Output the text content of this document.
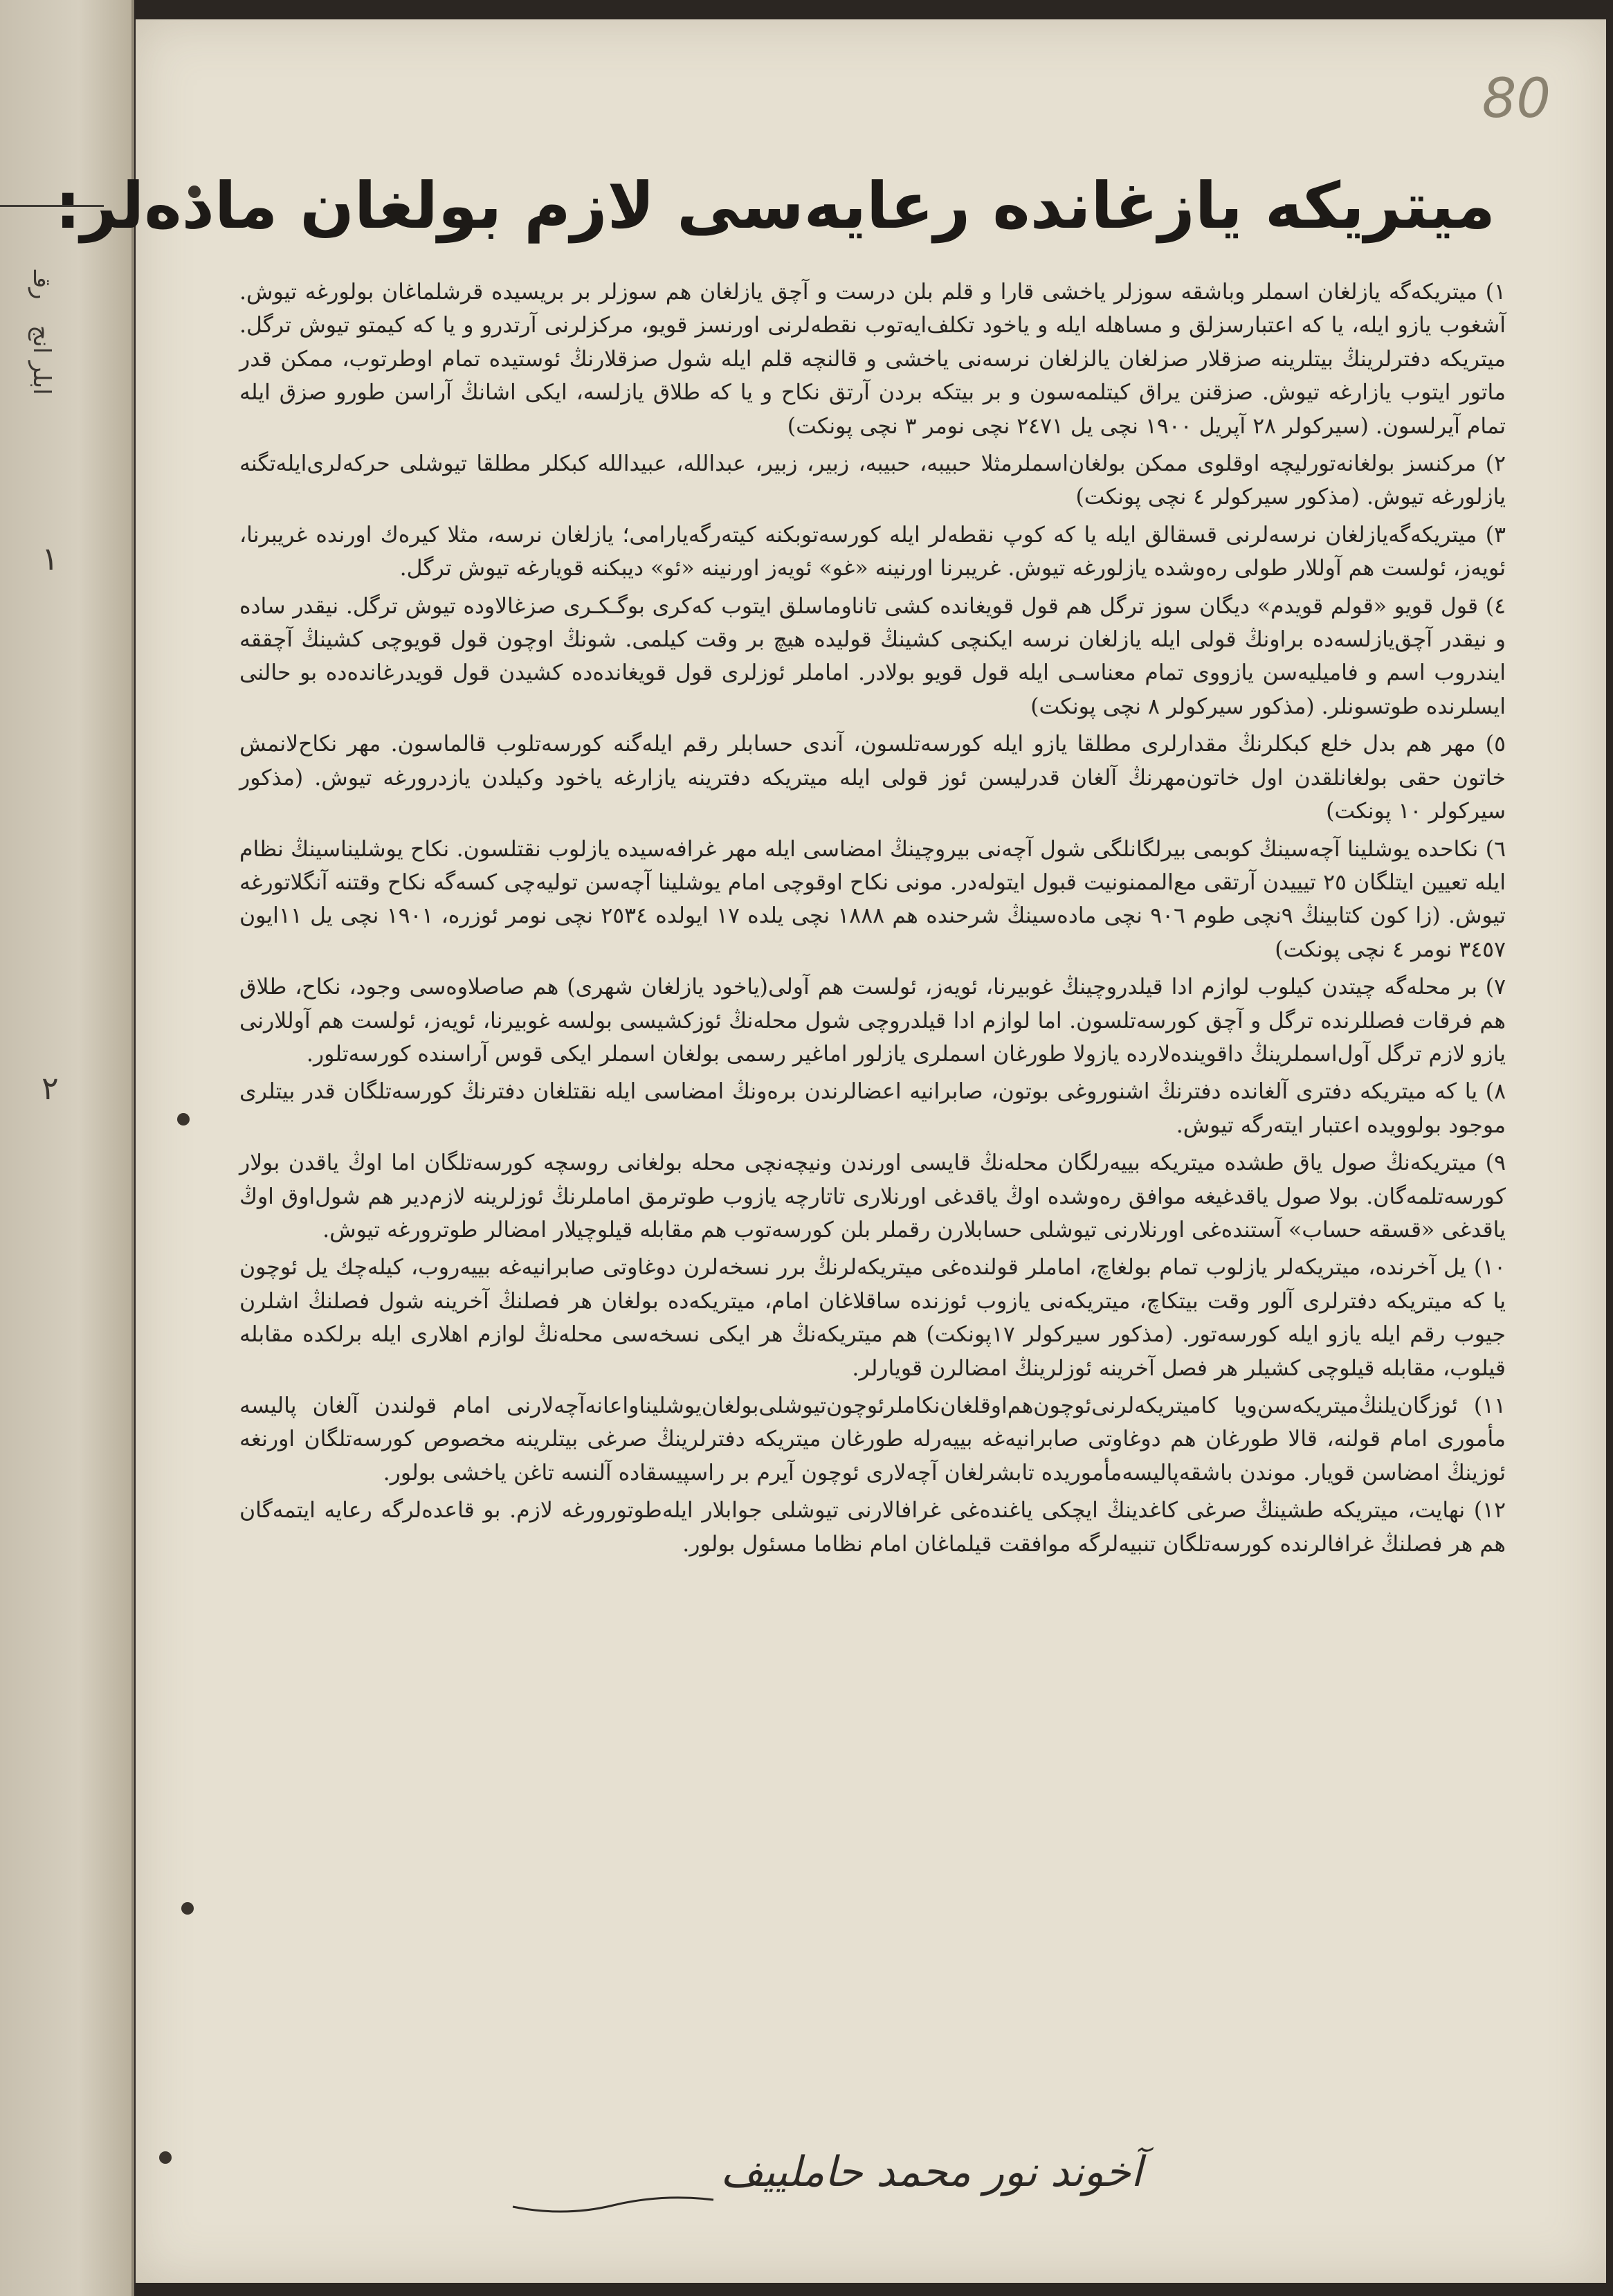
رقـ
ابلر انج
١
٢
80
میتریکه یازغانده رعایه‌سی لازم بولغان ماده‌لر:

١) میتریکه‌گه یازلغان اسملر وباشقه سوزلر یاخشی قارا و قلم بلن درست و آچق یازلغان هم سوزلر بر بریسیده قرشلماغان بولورغه تیوش. آشغوب یازو ایله، یا که اعتبار‌سزلق و مساهله ایله و یاخود تکلف‌ایه‌توب نقطه‌لرنی اورنسز قویو، مرکزلرنی آرتدرو و یا که کیمتو تیوش ترگل. میتریکه دفترلرینڭ بیتلرینه صزقلار صزلغان یالزلغان نرسه‌نی یاخشی و قالنچه قلم ایله شول صزقلارنڭ ئوستیده تمام اوطرتوب، ممکن قدر ماتور ایتوب یازارغه تیوش. صزقنن یراق کیتلمه‌سون و بر بیتکه بردن آرتق نکاح و یا که طلاق یازلسه، ایکی اشانڭ آراسن طورو صزق ایله تمام آیرلسون. (سیرکولر ٢٨ آپریل ١٩٠٠ نچی یل ٢٤٧١ نچی نومر ٣ نچی پونکت)

٢) مرکنسز بولغانه‌تور‌لیچه اوقلوی ممکن بولغان‌اسملر‌مثلا حبیبه، حبیبه، زبیر، زبیر، عبدالله، عبیدالله کبکلر مطلقا تیوشلی حرکه‌لری‌ایله‌تگنه یازلورغه تیوش. (مذکور سیرکولر ٤ نچی پونکت)

٣) میتریکه‌گه‌یازلغان نرسه‌لرنی قسقالق ایله یا که کوپ نقطه‌لر ایله کورسه‌توبکنه کیته‌رگه‌یارامی؛ یازلغان نرسه، مثلا کیره‌ك اورنده غریبرنا، ئویه‌ز، ئولست هم آوللار طولی ره‌وشده یازلورغه تیوش. غریبرنا اورنینه «غو» ئویه‌ز اورنینه «ئو» دیبکنه قویارغه تیوش ترگل.

٤) قول قویو «قولم قویدم» دیگان سوز ترگل هم قول قویغانده کشی تاناوماسلق ایتوب که‌کری بوگـكـری صزغالاوده تیوش ترگل. نیقدر ساده و نیقدر آچق‌یازلسه‌ده بر‌اونڭ قولی ایله یازلغان نرسه ایکنچی کشینڭ قولیده هیچ بر وقت کیلمی. شونڭ اوچون قول قویوچی کشینڭ آچققه ایندروب اسم و فامیلیه‌سن یازووی تمام معناسـی ایله قول قویو بولادر. اماملر ئوزلری قول قویغانده‌ده کشیدن قول قویدرغانده‌ده بو حالنی ایسلرنده طوتسونلر. (مذکور سیرکولر ٨ نچی پونکت)

٥) مهر هم بدل خلع کبکلرنڭ مقدارلری مطلقا یازو ایله کورسه‌تلسون، آندی حسابلر رقم ایله‌گنه کورسه‌تلوب قالماسون. مهر نکاح‌لانمش خاتون حقی بولغانلقدن اول خاتون‌مهرنڭ آلغان قدرلیسن ئوز قولی ایله میتریکه دفترینه یازارغه یاخود وکیلدن یازدرورغه تیوش. (مذکور سیرکولر ١٠ پونکت)

٦) نکاحده یوشلینا آچه‌سینڭ کوبمی بیرلگانلگی شول آچه‌نی بیروچینڭ امضاسی ایله مهر غرافه‌سیده یازلوب نقتلسون. نکاح یوشلیناسینڭ نظام ایله تعیین ایتلگان ٢٥ تیییدن آرتقی مع‌الممنونیت قبول ایتوله‌در. مونی نکاح اوقوچی امام یوشلینا آچه‌سن تولیه‌چی کسه‌گه نکاح وقتنه آنگلاتورغه تیوش. (زا کون کتابینڭ ٩نچی طوم ٩٠٦ نچی ماده‌سینڭ شرحنده هم ١٨٨٨ نچی یلده ١٧ ایولده ٢٥٣٤ نچی نومر ئوزره، ١٩٠١ نچی یل ١١ایون ٣٤٥٧ نومر ٤ نچی پونکت)

٧) بر محله‌گه چیتدن کیلوب لوازم ادا قیلدروچینڭ غوبیرنا، ئویه‌ز، ئولست هم آولی(یاخود یازلغان شهری) هم صاصلاوه‌سی وجود، نکاح، طلاق هم فرقات فصللرنده ترگل و آچق کورسه‌تلسون. اما لوازم ادا قیلدروچی شول محله‌نڭ ئوزکشیسی بولسه غوبیرنا، ئویه‌ز، ئولست هم آوللارنی یازو لازم ترگل آول‌اسملرینڭ داقوینده‌لارده یازولا طورغان اسملری یازلور اماغیر رسمی بولغان اسملر ایکی قوس آراسنده کورسه‌تلور.

٨) یا که میتریکه دفتری آلغانده دفترنڭ اشنوروغی بوتون، صابرانیه اعضالرندن بره‌ونڭ امضاسی ایله نقتلغان دفترنڭ کورسه‌تلگان قدر بیتلری موجود بولوویده اعتبار ایته‌رگه تیوش.

٩) میتریکه‌نڭ صول یاق طشده میتریکه بییه‌رلگان محله‌نڭ قایسی اورندن ونیچه‌نچی محله بولغانی روسچه کورسه‌تلگان اما اوڭ یاقدن بولار کورسه‌تلمه‌گان. بولا صول یاقدغیغه موافق ره‌وشده اوڭ یاقدغی اورنلاری تاتارچه یازوب طوترمق اماملرنڭ ئوزلرینه لازم‌دیر هم شول‌اوق اوڭ یاقدغی «قسقه حساب» آستنده‌غی اورنلارنی تیوشلی حسابلارن رقملر بلن کورسه‌توب هم مقابله قیلوچیلار امضالر طوترورغه تیوش.

١٠) یل آخرنده، میتریکه‌لر یازلوب تمام بولغاچ، اماملر قولنده‌غی میتریکه‌لرنڭ برر نسخه‌لرن دوغاوتی صابرانیه‌غه بییه‌روب، کیله‌چك یل ئوچون یا که میتریکه دفترلری آلور وقت بیتکاچ، میتریکه‌نی یازوب ئوزنده ساقلاغان امام، میتریکه‌ده بولغان هر فصلنڭ آخرینه شول فصلنڭ اشلرن جیوب رقم ایله یازو ایله کورسه‌تور. (مذکور سیرکولر ١٧پونکت) هم میتریکه‌نڭ هر ایکی نسخه‌سی محله‌نڭ لوازم اهلاری ایله برلکده مقابله قیلوب، مقابله قیلوچی کشیلر هر فصل آخرینه ئوزلرینڭ امضالرن قویارلر.

١١) ئوزگان‌یلنڭ‌میتریکه‌سن‌ویا‌ کامیتریکه‌لرنی‌ئوچون‌هم‌اوقلغان‌نکاملر‌ئوچون‌تیوشلی‌بولغان‌یوشلیناواعانه‌آچه‌لارنی امام قولندن آلغان پالیسه مأموری امام قولنه، قالا طورغان هم دوغاوتی صابرانیه‌غه بییه‌رله طورغان میتریکه دفترلرینڭ صرغی بیتلرینه مخصوص کورسه‌تلگان اورنغه ئوزینڭ امضاسن قویار. موندن باشقه‌پالیسه‌مأموریده تابشرلغان آچه‌لاری ئوچون آیرم بر راسپیسقاده آلنسه تاغن یاخشی بولور.

١٢) نهایت، میتریکه طشینڭ صرغی کاغدینڭ ایچکی یاغنده‌غی غرافالارنی تیوشلی جوابلار ایله‌طوتورورغه لازم. بو قاعده‌لرگه رعایه ایتمه‌گان هم هر فصلنڭ غرافالرنده کورسه‌تلگان تنبیه‌لرگه موافقت قیلماغان امام نظاما مسئول بولور.

آخوند نور محمد حاملییف
